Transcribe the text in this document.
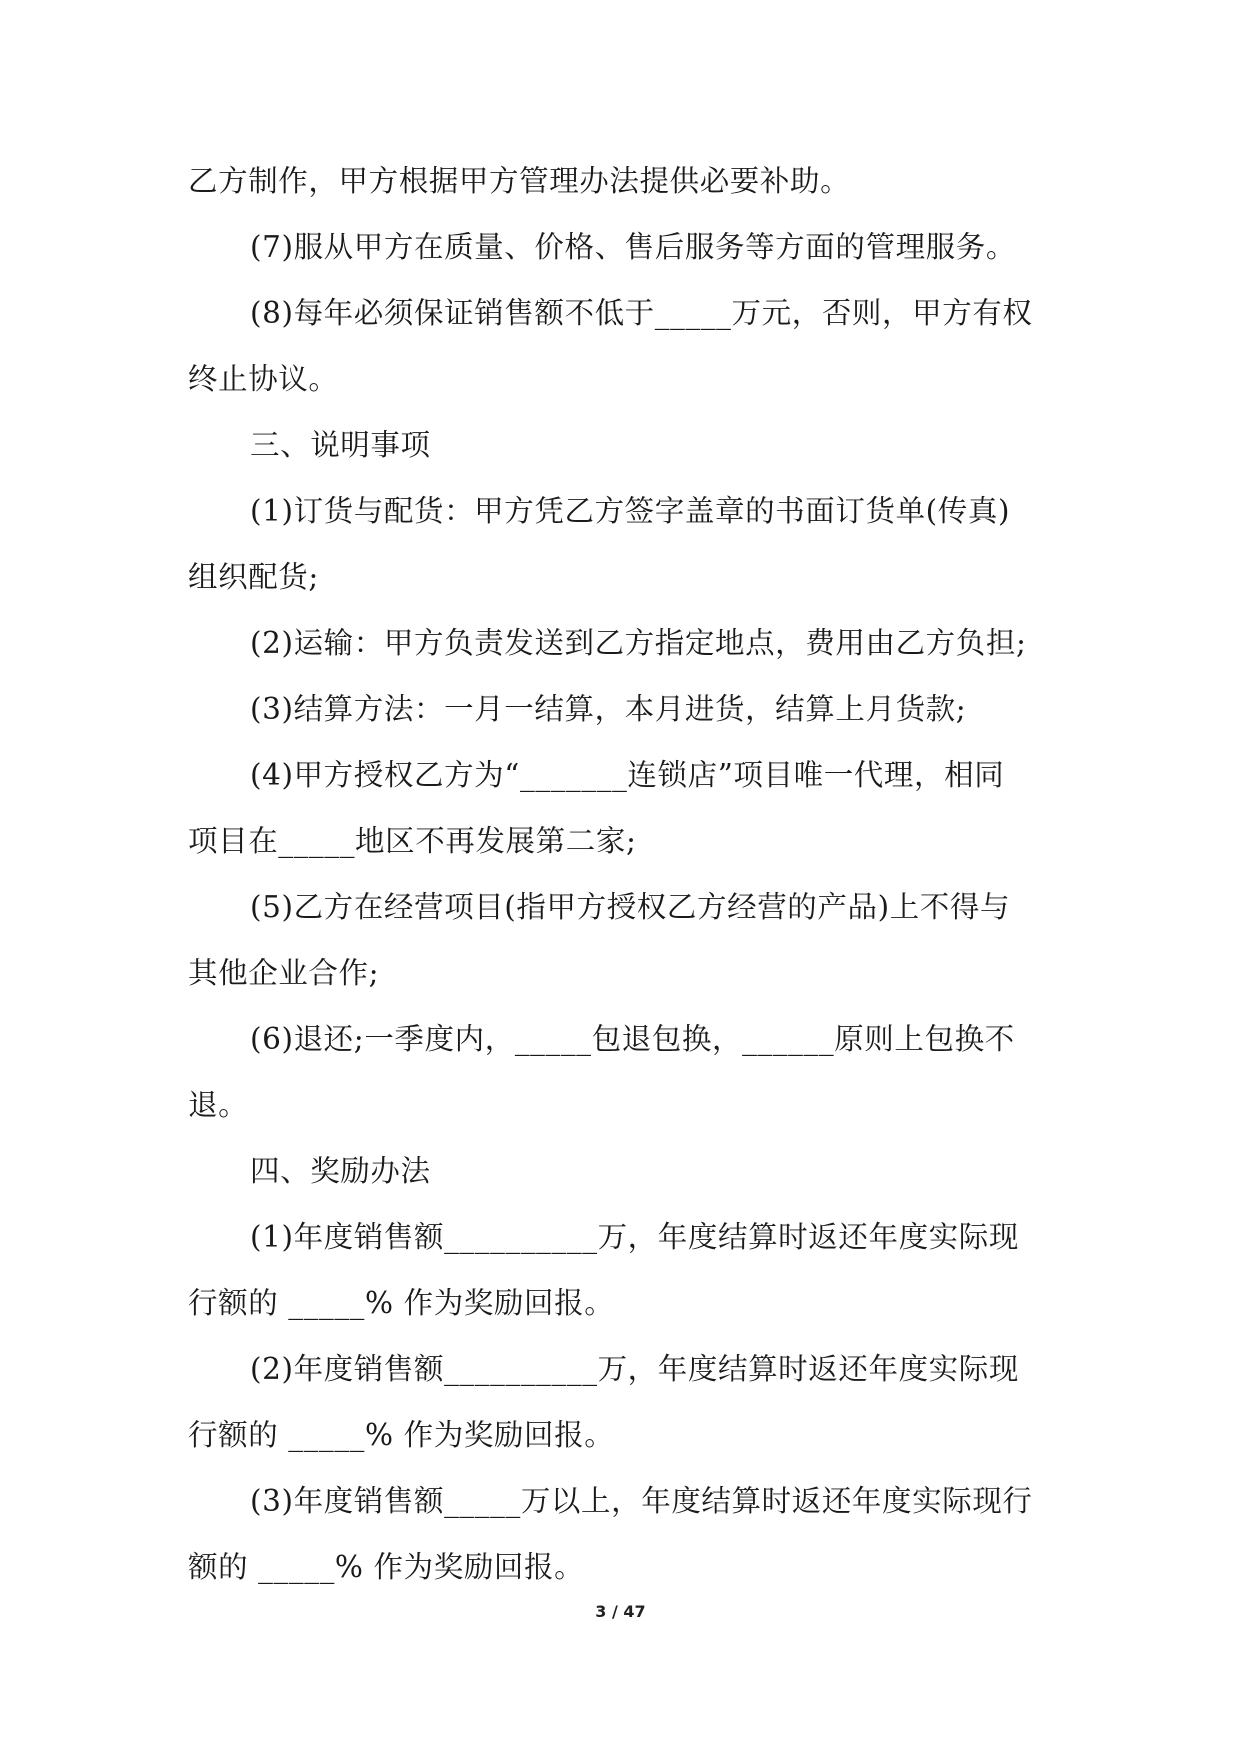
乙方制作，甲方根据甲方管理办法提供必要补助。
(7)服从甲方在质量、价格、售后服务等方面的管理服务。
(8)每年必须保证销售额不低于_____万元，否则，甲方有权
终止协议。
三、说明事项
(1)订货与配货：甲方凭乙方签字盖章的书面订货单(传真)
组织配货;
(2)运输：甲方负责发送到乙方指定地点，费用由乙方负担;
(3)结算方法：一月一结算，本月进货，结算上月货款;
(4)甲方授权乙方为“_______连锁店”项目唯一代理，相同
项目在_____地区不再发展第二家;
(5)乙方在经营项目(指甲方授权乙方经营的产品)上不得与
其他企业合作;
(6)退还;一季度内，_____包退包换，______原则上包换不
退。
四、奖励办法
(1)年度销售额__________万，年度结算时返还年度实际现
行额的 _____% 作为奖励回报。
(2)年度销售额__________万，年度结算时返还年度实际现
行额的 _____% 作为奖励回报。
(3)年度销售额_____万以上，年度结算时返还年度实际现行
额的 _____% 作为奖励回报。
3 / 47
